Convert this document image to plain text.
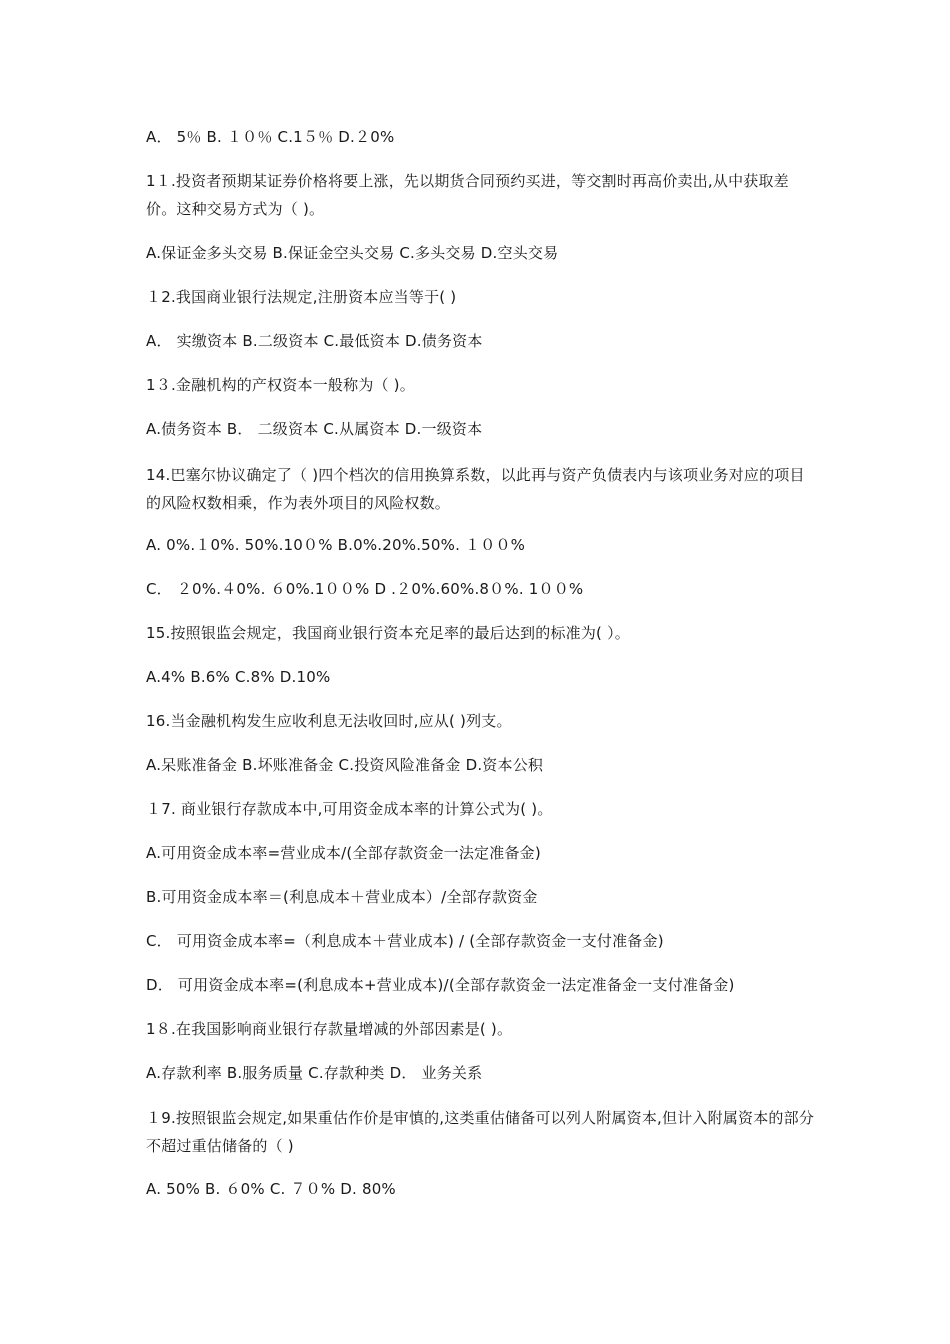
A． 5％ B. １０％ C.1５％ D.２0%
1１.投资者预期某证券价格将要上涨，先以期货合同预约买进，等交割时再高价卖出,从中获取差价。这种交易方式为（ )。
A.保证金多头交易 B.保证金空头交易 C.多头交易 D.空头交易
１2.我国商业银行法规定,注册资本应当等于( )
A． 实缴资本 B.二级资本 C.最低资本 D.债务资本
1３.金融机构的产权资本一般称为（ )。
A.债务资本 B． 二级资本 C.从属资本 D.一级资本
14.巴塞尔协议确定了（ )四个档次的信用换算系数，以此再与资产负债表内与该项业务对应的项目的风险权数相乘，作为表外项目的风险权数。
A. 0%.１0%. 50%.10０% B.0%.20%.50%. １００%
C． ２0%.４0%. ６0%.1００% D .２0%.60%.8０%. 1００%
15.按照银监会规定，我国商业银行资本充足率的最后达到的标准为( ）。
A.4% B.6% C.8% D.10%
16.当金融机构发生应收利息无法收回时,应从( )列支。
A.呆账准备金 B.坏账准备金 C.投资风险准备金 D.资本公积
１7. 商业银行存款成本中,可用资金成本率的计算公式为( )。
A.可用资金成本率=营业成本/(全部存款资金一法定准备金)
B.可用资金成本率＝(利息成本＋营业成本）/全部存款资金
C． 可用资金成本率=（利息成本＋营业成本) / (全部存款资金一支付准备金)
D． 可用资金成本率=(利息成本+营业成本)/(全部存款资金一法定准备金一支付准备金)
1８.在我国影响商业银行存款量增减的外部因素是( )。
A.存款利率 B.服务质量 C.存款种类 D． 业务关系
１9.按照银监会规定,如果重估作价是审慎的,这类重估储备可以列人附属资本,但计入附属资本的部分不超过重估储备的（ )
A. 50% B. ６0% C. ７０% D. 80%
